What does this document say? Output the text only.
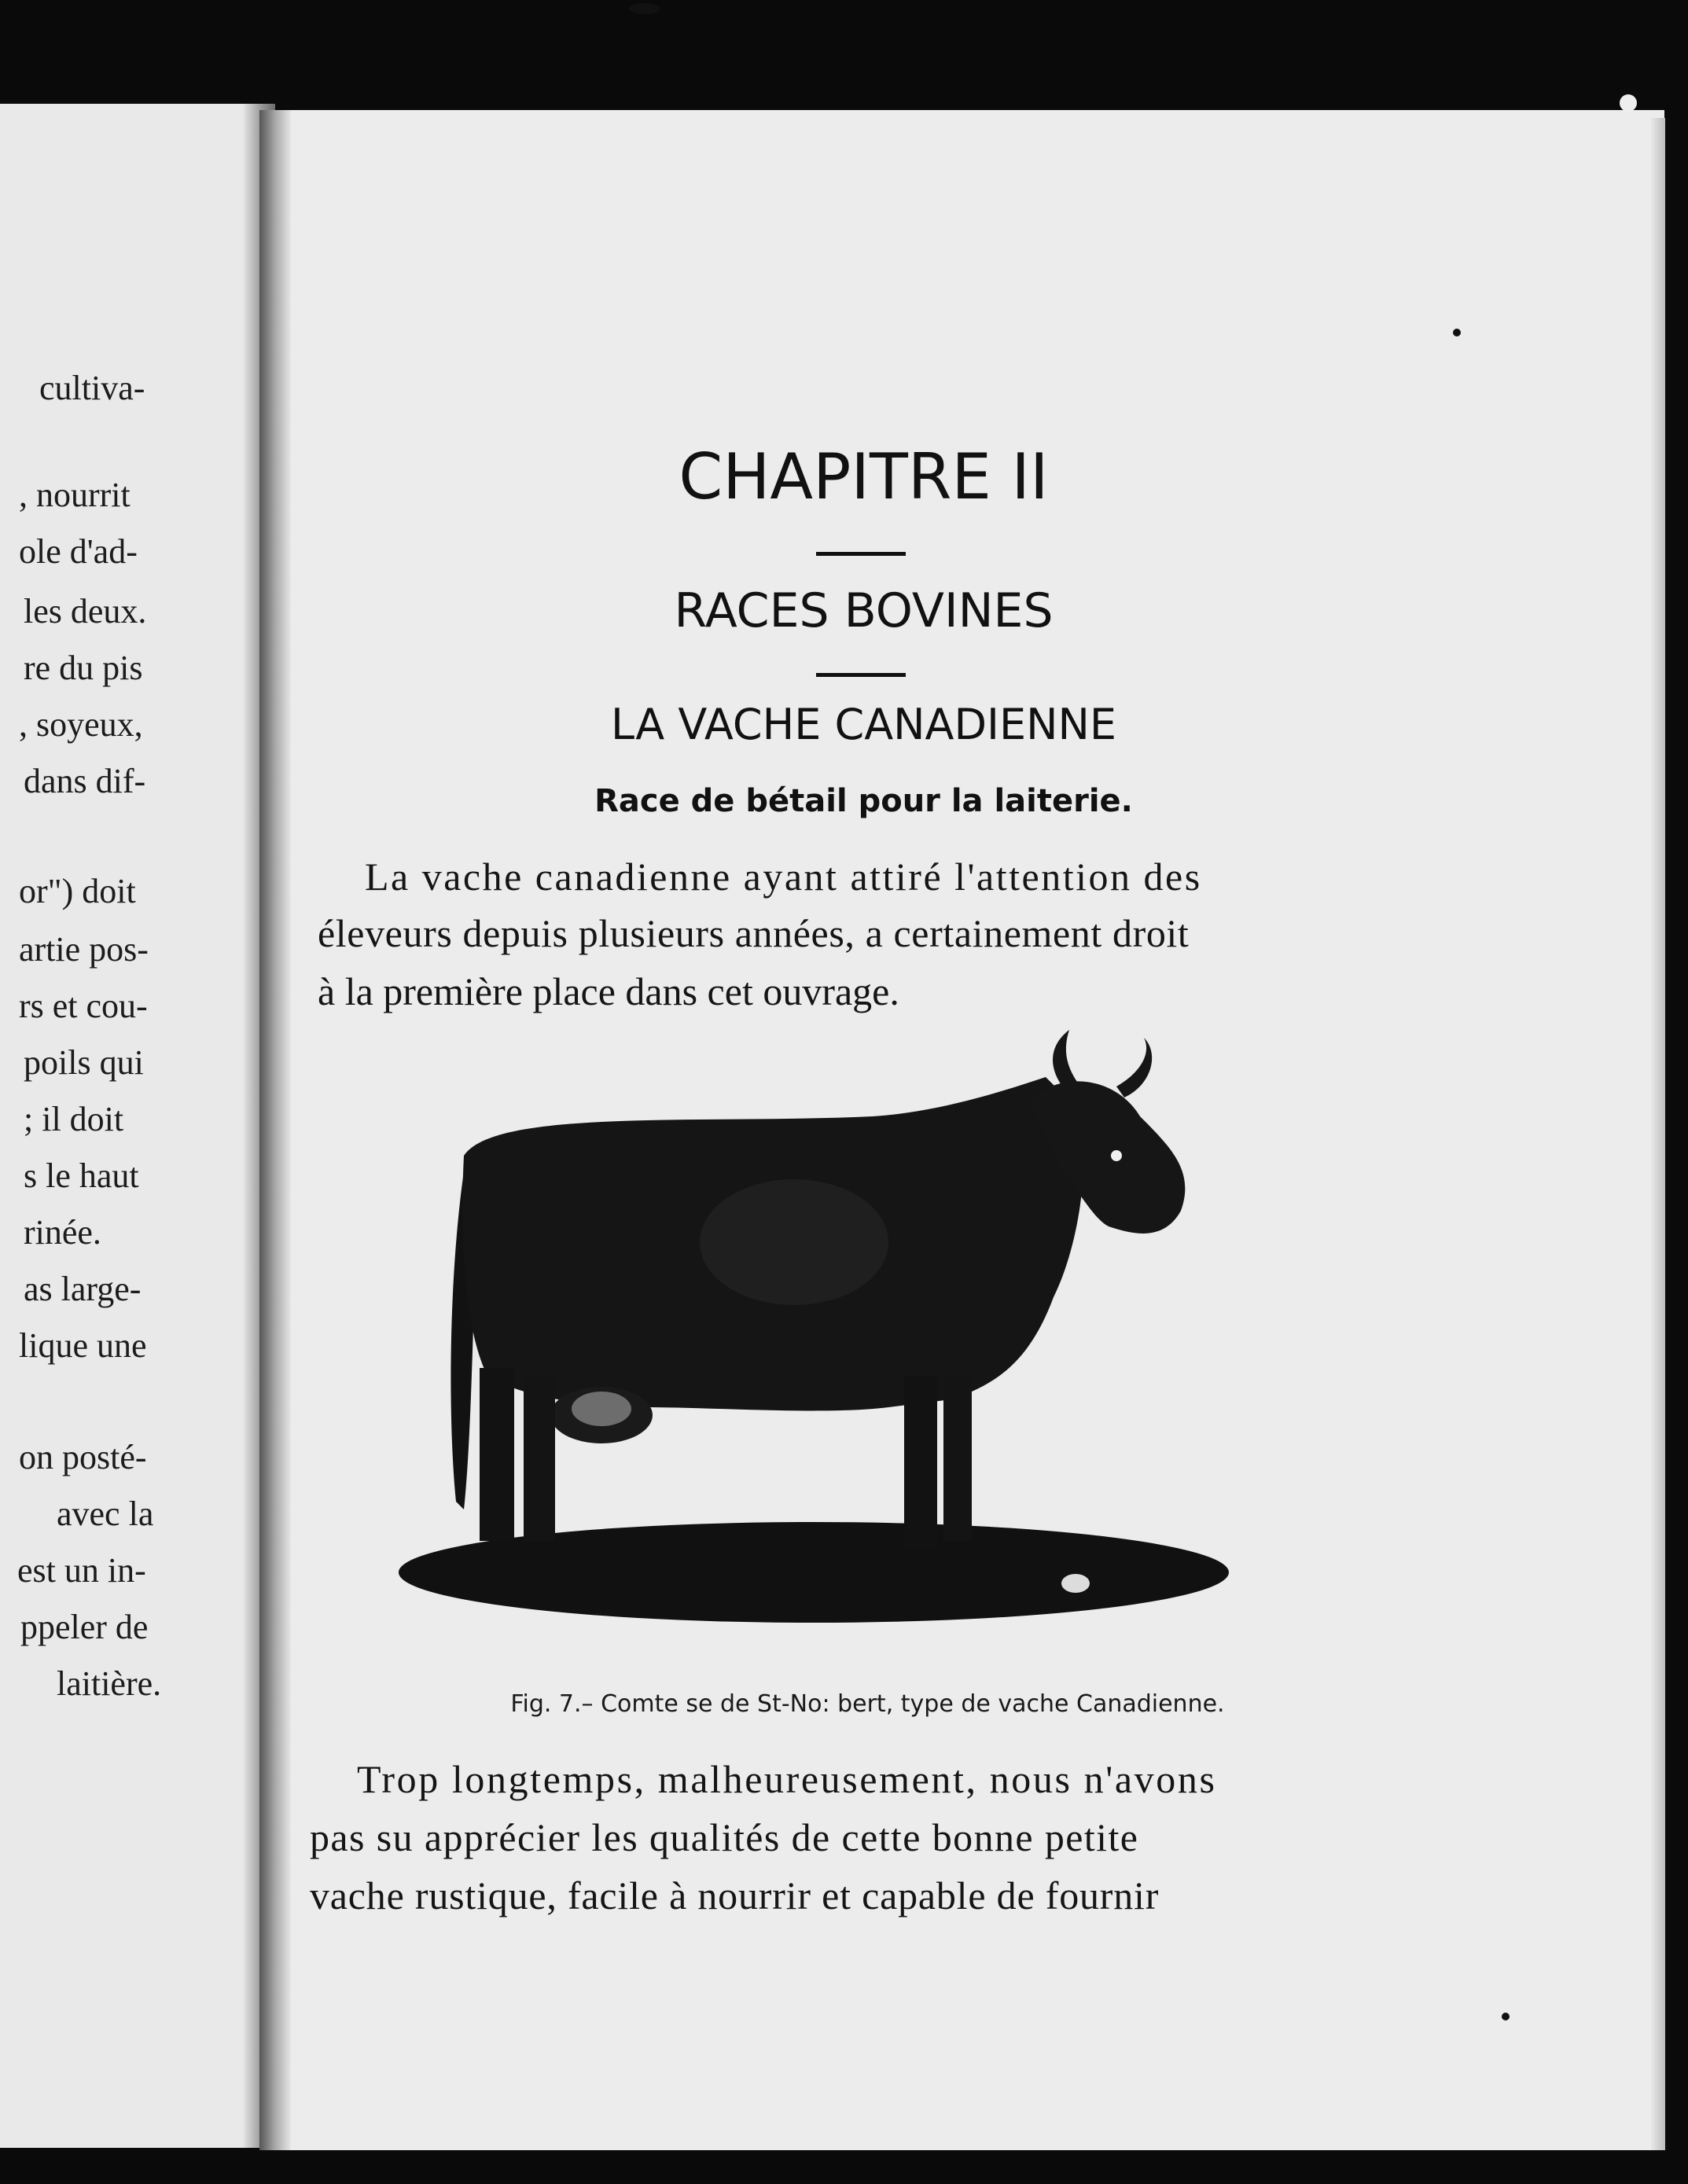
cultiva-
, nourrit
ole d'ad-
les deux.
re du pis
, soyeux,
dans dif-
or") doit
artie pos-
rs et cou-
poils qui
; il doit
s le haut
rinée.
as large-
lique une
on posté-
avec la
est un in-
ppeler de
laitière.
CHAPITRE II
RACES BOVINES
LA VACHE CANADIENNE
Race de bétail pour la laiterie.

La vache canadienne ayant attiré l'attention des

éleveurs depuis plusieurs années, a certainement droit

à la première place dans cet ouvrage.

Fig. 7.– Comte se de St-No: bert, type de vache Canadienne.

Trop longtemps, malheureusement, nous n'avons

pas su apprécier les qualités de cette bonne petite

vache rustique, facile à nourrir et capable de fournir
